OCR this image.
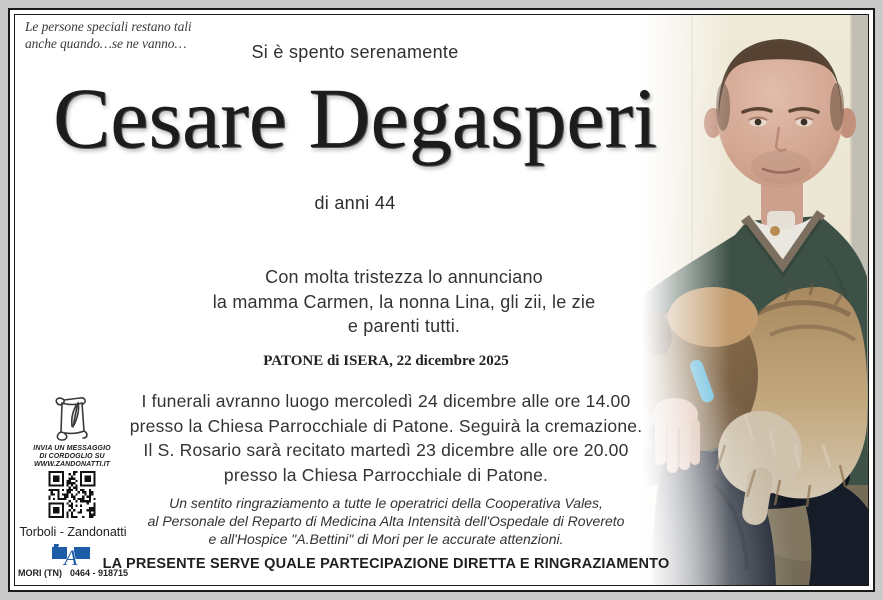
Le persone speciali restano tali
anche quando…se ne vanno…	Si è spento serenamente
Cesare Degasperi
di anni 44
Con molta tristezza lo annunciano
la mamma Carmen, la nonna Lina, gli zii, le zie
e parenti tutti.
PATONE di ISERA, 22 dicembre 2025
I funerali avranno luogo mercoledì 24 dicembre alle ore 14.00
presso la Chiesa Parrocchiale di Patone. Seguirà la cremazione.
Il S. Rosario sarà recitato martedì 23 dicembre alle ore 20.00
presso la Chiesa Parrocchiale di Patone.
Un sentito ringraziamento a tutte le operatrici della Cooperativa Vales,
al Personale del Reparto di Medicina Alta Intensità dell'Ospedale di Rovereto
e all'Hospice "A.Bettini" di Mori per le accurate attenzioni.
LA PRESENTE SERVE QUALE PARTECIPAZIONE DIRETTA E RINGRAZIAMENTO
INVIA UN MESSAGGIO
DI CORDOGLIO SU
WWW.ZANDONATTI.IT
Torboli - Zandonatti
A
MORI (TN) 0464 - 918715
